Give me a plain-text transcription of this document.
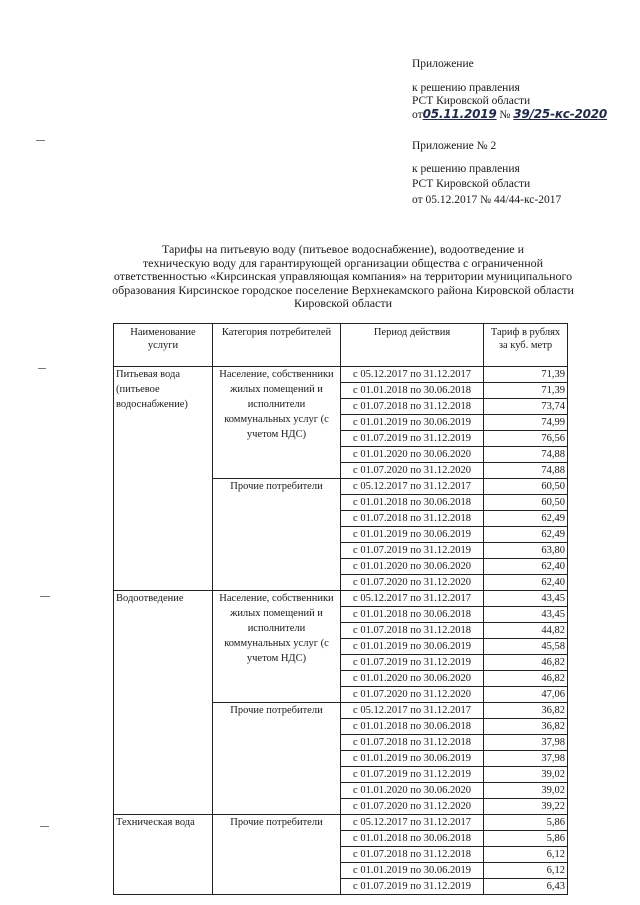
Приложение
к решению правления
РСТ Кировской области
от05.11.2019 № 39/25-кс-2020
Приложение № 2
к решению правления
РСТ Кировской области
от 05.12.2017 № 44/44-кс-2017
Тарифы на питьевую воду (питьевое водоснабжение), водоотведение и
техническую воду для гарантирующей организации общества с ограниченной
ответственностью «Кирсинская управляющая компания» на территории муниципального
образования Кирсинское городское поселение Верхнекамского района Кировской области
Кировской области
Наименование услуги	Категория потребителей	Период действия	Тариф в рублях за куб. метр
Питьевая вода (питьевое водоснабжение)	Население, собственники жилых помещений и исполнители коммунальных услуг (с учетом НДС)	с 05.12.2017 по 31.12.2017	71,39
		с 01.01.2018 по 30.06.2018	71,39
		с 01.07.2018 по 31.12.2018	73,74
		с 01.01.2019 по 30.06.2019	74,99
		с 01.07.2019 по 31.12.2019	76,56
		с 01.01.2020 по 30.06.2020	74,88
		с 01.07.2020 по 31.12.2020	74,88
	Прочие потребители	с 05.12.2017 по 31.12.2017	60,50
		с 01.01.2018 по 30.06.2018	60,50
		с 01.07.2018 по 31.12.2018	62,49
		с 01.01.2019 по 30.06.2019	62,49
		с 01.07.2019 по 31.12.2019	63,80
		с 01.01.2020 по 30.06.2020	62,40
		с 01.07.2020 по 31.12.2020	62,40
Водоотведение	Население, собственники жилых помещений и исполнители коммунальных услуг (с учетом НДС)	с 05.12.2017 по 31.12.2017	43,45
		с 01.01.2018 по 30.06.2018	43,45
		с 01.07.2018 по 31.12.2018	44,82
		с 01.01.2019 по 30.06.2019	45,58
		с 01.07.2019 по 31.12.2019	46,82
		с 01.01.2020 по 30.06.2020	46,82
		с 01.07.2020 по 31.12.2020	47,06
	Прочие потребители	с 05.12.2017 по 31.12.2017	36,82
		с 01.01.2018 по 30.06.2018	36,82
		с 01.07.2018 по 31.12.2018	37,98
		с 01.01.2019 по 30.06.2019	37,98
		с 01.07.2019 по 31.12.2019	39,02
		с 01.01.2020 по 30.06.2020	39,02
		с 01.07.2020 по 31.12.2020	39,22
Техническая вода	Прочие потребители	с 05.12.2017 по 31.12.2017	5,86
		с 01.01.2018 по 30.06.2018	5,86
		с 01.07.2018 по 31.12.2018	6,12
		с 01.01.2019 по 30.06.2019	6,12
		с 01.07.2019 по 31.12.2019	6,43
